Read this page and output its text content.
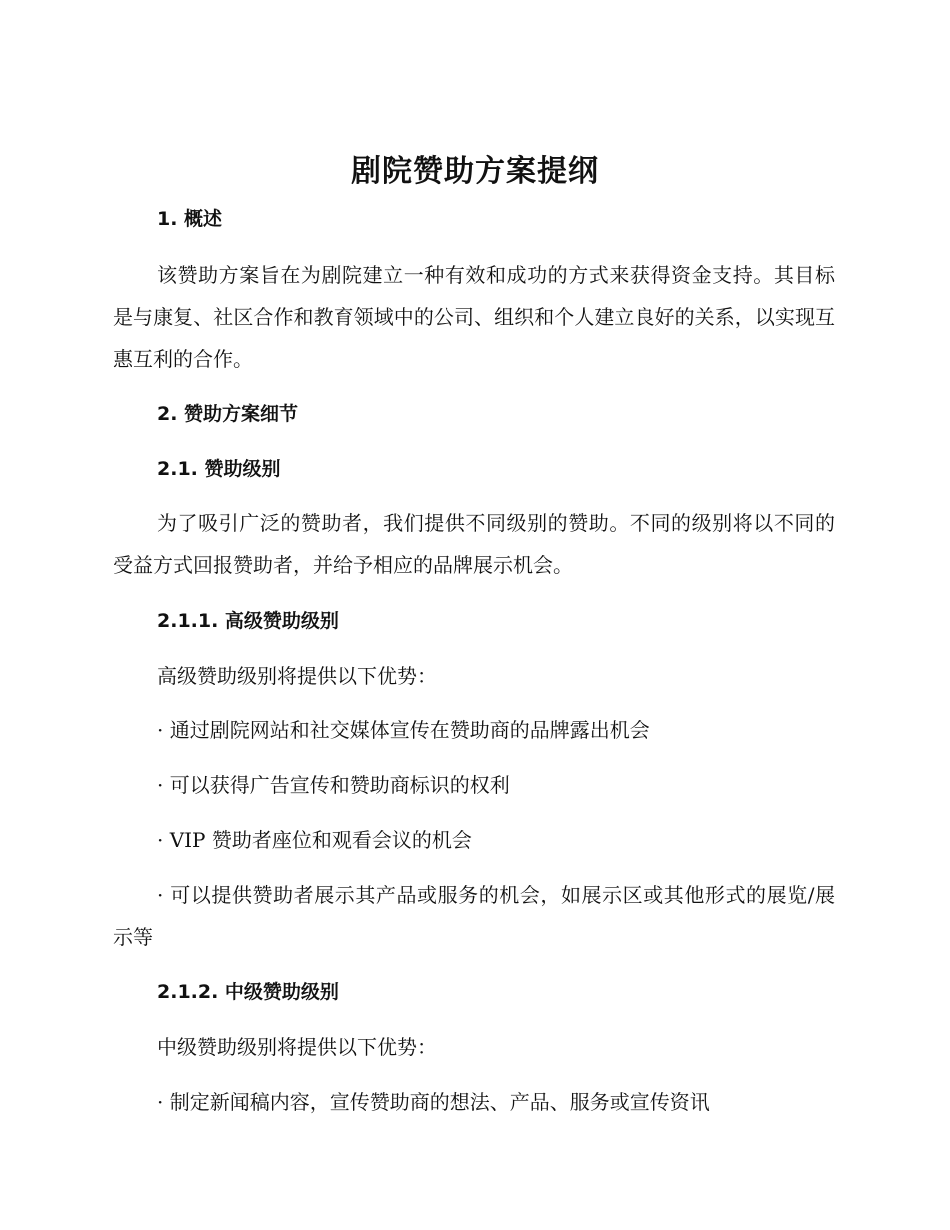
剧院赞助方案提纲
1. 概述

该赞助方案旨在为剧院建立一种有效和成功的方式来获得资金支持。其目标是与康复、社区合作和教育领域中的公司、组织和个人建立良好的关系，以实现互惠互利的合作。

2. 赞助方案细节
2.1. 赞助级别

为了吸引广泛的赞助者，我们提供不同级别的赞助。不同的级别将以不同的受益方式回报赞助者，并给予相应的品牌展示机会。

2.1.1. 高级赞助级别

高级赞助级别将提供以下优势：

· 通过剧院网站和社交媒体宣传在赞助商的品牌露出机会

· 可以获得广告宣传和赞助商标识的权利

· VIP 赞助者座位和观看会议的机会

· 可以提供赞助者展示其产品或服务的机会，如展示区或其他形式的展览/展示等

2.1.2. 中级赞助级别

中级赞助级别将提供以下优势：

· 制定新闻稿内容，宣传赞助商的想法、产品、服务或宣传资讯
